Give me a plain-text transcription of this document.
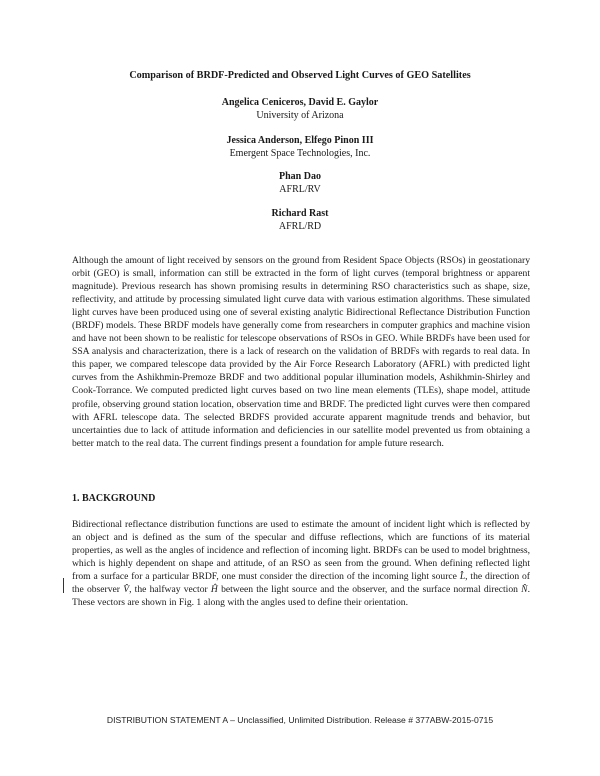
Comparison of BRDF-Predicted and Observed Light Curves of GEO Satellites
Angelica Ceniceros, David E. Gaylor
University of Arizona
Jessica Anderson, Elfego Pinon III
Emergent Space Technologies, Inc.
Phan Dao
AFRL/RV
Richard Rast
AFRL/RD
Although the amount of light received by sensors on the ground from Resident Space Objects (RSOs) in geostationary orbit (GEO) is small, information can still be extracted in the form of light curves (temporal brightness or apparent magnitude). Previous research has shown promising results in determining RSO characteristics such as shape, size, reflectivity, and attitude by processing simulated light curve data with various estimation algorithms. These simulated light curves have been produced using one of several existing analytic Bidirectional Reflectance Distribution Function (BRDF) models. These BRDF models have generally come from researchers in computer graphics and machine vision and have not been shown to be realistic for telescope observations of RSOs in GEO. While BRDFs have been used for SSA analysis and characterization, there is a lack of research on the validation of BRDFs with regards to real data. In this paper, we compared telescope data provided by the Air Force Research Laboratory (AFRL) with predicted light curves from the Ashikhmin-Premoze BRDF and two additional popular illumination models, Ashikhmin-Shirley and Cook-Torrance. We computed predicted light curves based on two line mean elements (TLEs), shape model, attitude profile, observing ground station location, observation time and BRDF. The predicted light curves were then compared with AFRL telescope data. The selected BRDFS provided accurate apparent magnitude trends and behavior, but uncertainties due to lack of attitude information and deficiencies in our satellite model prevented us from obtaining a better match to the real data. The current findings present a foundation for ample future research.
1. BACKGROUND
Bidirectional reflectance distribution functions are used to estimate the amount of incident light which is reflected by an object and is defined as the sum of the specular and diffuse reflections, which are functions of its material properties, as well as the angles of incidence and reflection of incoming light. BRDFs can be used to model brightness, which is highly dependent on shape and attitude, of an RSO as seen from the ground. When defining reflected light from a surface for a particular BRDF, one must consider the direction of the incoming light source L̂, the direction of the observer V̂, the halfway vector Ĥ between the light source and the observer, and the surface normal direction N̂. These vectors are shown in Fig. 1 along with the angles used to define their orientation.
DISTRIBUTION STATEMENT A – Unclassified, Unlimited Distribution. Release # 377ABW-2015-0715
